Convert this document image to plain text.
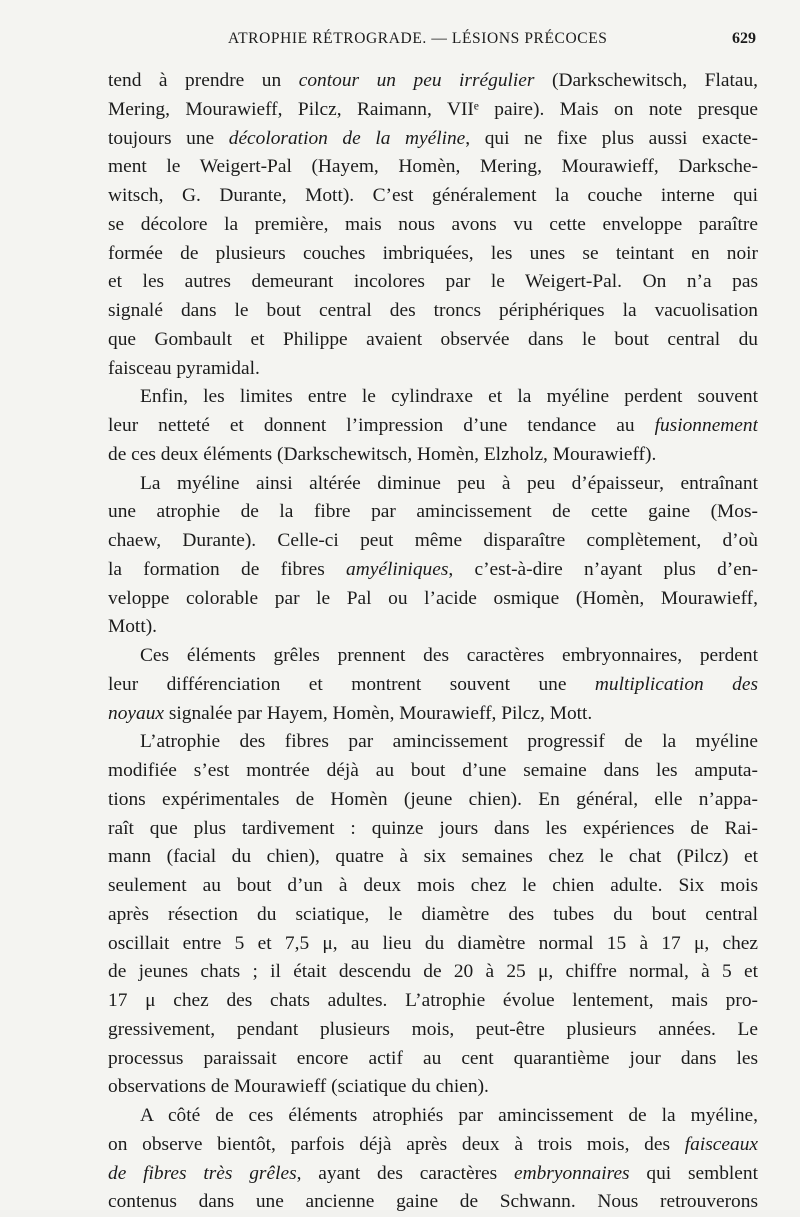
ATROPHIE RÉTROGRADE. — LÉSIONS PRÉCOCES	629
tend à prendre un contour un peu irrégulier (Darkschewitsch, Flatau,
Mering, Mourawieff, Pilcz, Raimann, VIIᵉ paire). Mais on note presque
toujours une décoloration de la myéline, qui ne fixe plus aussi exacte-
ment le Weigert-Pal (Hayem, Homèn, Mering, Mourawieff, Darksche-
witsch, G. Durante, Mott). C’est généralement la couche interne qui
se décolore la première, mais nous avons vu cette enveloppe paraître
formée de plusieurs couches imbriquées, les unes se teintant en noir
et les autres demeurant incolores par le Weigert-Pal. On n’a pas
signalé dans le bout central des troncs périphériques la vacuolisation
que Gombault et Philippe avaient observée dans le bout central du
faisceau pyramidal.
Enfin, les limites entre le cylindraxe et la myéline perdent souvent
leur netteté et donnent l’impression d’une tendance au fusionnement
de ces deux éléments (Darkschewitsch, Homèn, Elzholz, Mourawieff).
La myéline ainsi altérée diminue peu à peu d’épaisseur, entraînant
une atrophie de la fibre par amincissement de cette gaine (Mos-
chaew, Durante). Celle-ci peut même disparaître complètement, d’où
la formation de fibres amyéliniques, c’est-à-dire n’ayant plus d’en-
veloppe colorable par le Pal ou l’acide osmique (Homèn, Mourawieff,
Mott).
Ces éléments grêles prennent des caractères embryonnaires, perdent
leur différenciation et montrent souvent une multiplication des
noyaux signalée par Hayem, Homèn, Mourawieff, Pilcz, Mott.
L’atrophie des fibres par amincissement progressif de la myéline
modifiée s’est montrée déjà au bout d’une semaine dans les amputa-
tions expérimentales de Homèn (jeune chien). En général, elle n’appa-
raît que plus tardivement : quinze jours dans les expériences de Rai-
mann (facial du chien), quatre à six semaines chez le chat (Pilcz) et
seulement au bout d’un à deux mois chez le chien adulte. Six mois
après résection du sciatique, le diamètre des tubes du bout central
oscillait entre 5 et 7,5 μ, au lieu du diamètre normal 15 à 17 μ, chez
de jeunes chats ; il était descendu de 20 à 25 μ, chiffre normal, à 5 et
17 μ chez des chats adultes. L’atrophie évolue lentement, mais pro-
gressivement, pendant plusieurs mois, peut-être plusieurs années. Le
processus paraissait encore actif au cent quarantième jour dans les
observations de Mourawieff (sciatique du chien).
A côté de ces éléments atrophiés par amincissement de la myéline,
on observe bientôt, parfois déjà après deux à trois mois, des faisceaux
de fibres très grêles, ayant des caractères embryonnaires qui semblent
contenus dans une ancienne gaine de Schwann. Nous retrouverons
